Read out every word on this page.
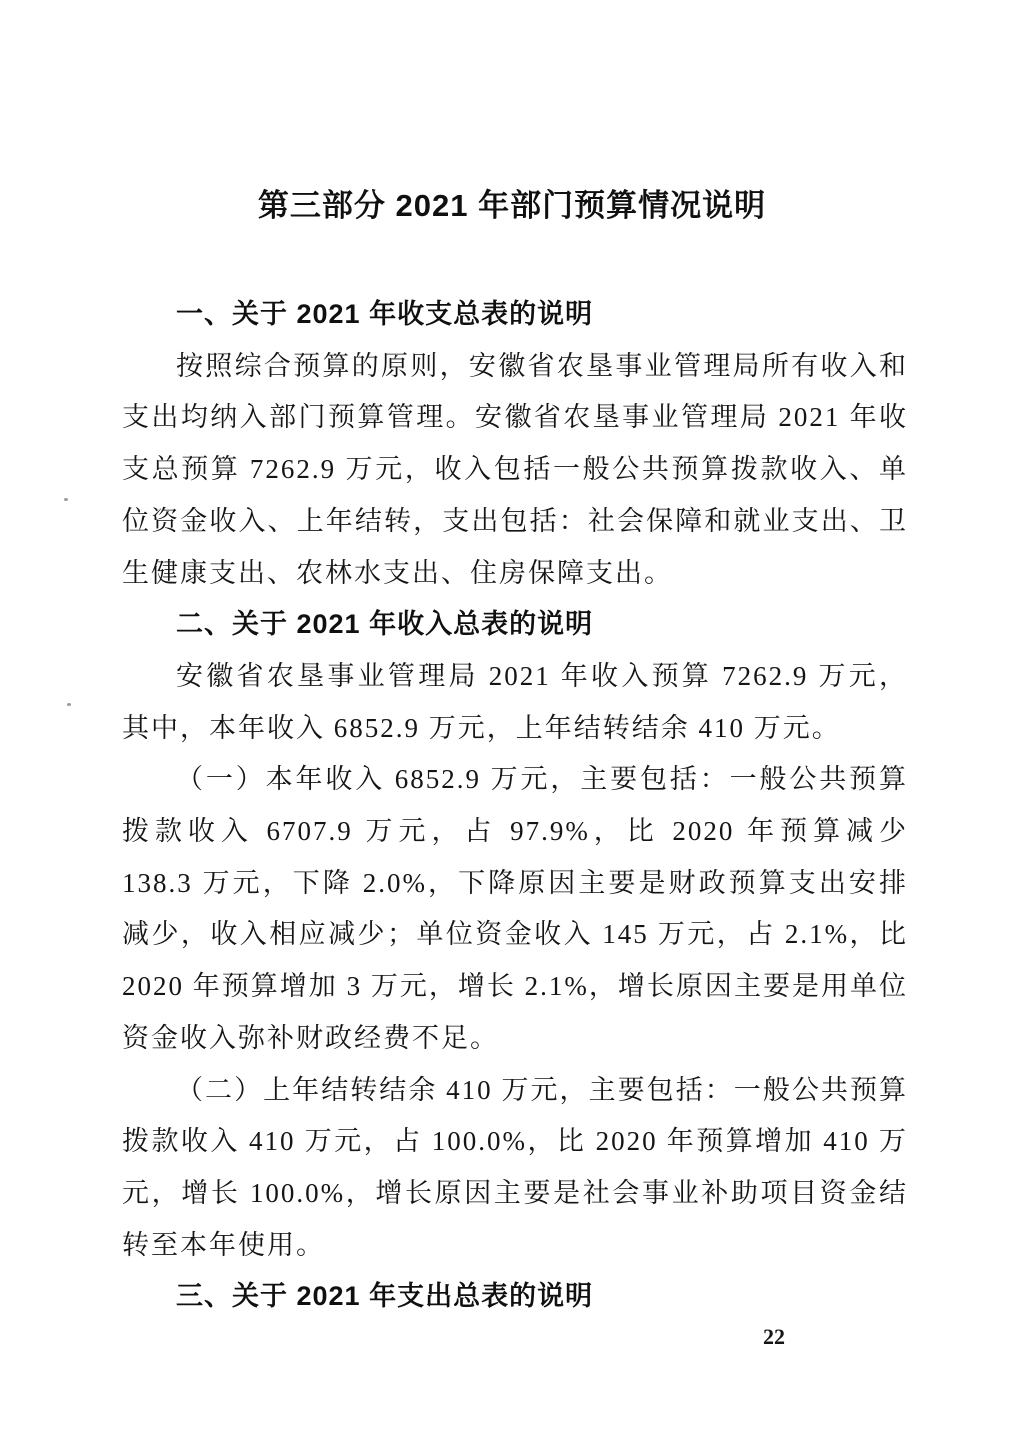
第三部分 2021 年部门预算情况说明
一、关于 2021 年收支总表的说明

按照综合预算的原则，安徽省农垦事业管理局所有收入和支出均纳入部门预算管理。安徽省农垦事业管理局 2021 年收支总预算 7262.9 万元，收入包括一般公共预算拨款收入、单位资金收入、上年结转，支出包括：社会保障和就业支出、卫生健康支出、农林水支出、住房保障支出。

二、关于 2021 年收入总表的说明

安徽省农垦事业管理局 2021 年收入预算 7262.9 万元，其中，本年收入 6852.9 万元，上年结转结余 410 万元。

（一）本年收入 6852.9 万元，主要包括：一般公共预算拨款收入 6707.9 万元，占 97.9%，比 2020 年预算减少 138.3 万元，下降 2.0%，下降原因主要是财政预算支出安排减少，收入相应减少；单位资金收入 145 万元，占 2.1%，比 2020 年预算增加 3 万元，增长 2.1%，增长原因主要是用单位资金收入弥补财政经费不足。

（二）上年结转结余 410 万元，主要包括：一般公共预算拨款收入 410 万元，占 100.0%，比 2020 年预算增加 410 万元，增长 100.0%，增长原因主要是社会事业补助项目资金结转至本年使用。

三、关于 2021 年支出总表的说明
22
